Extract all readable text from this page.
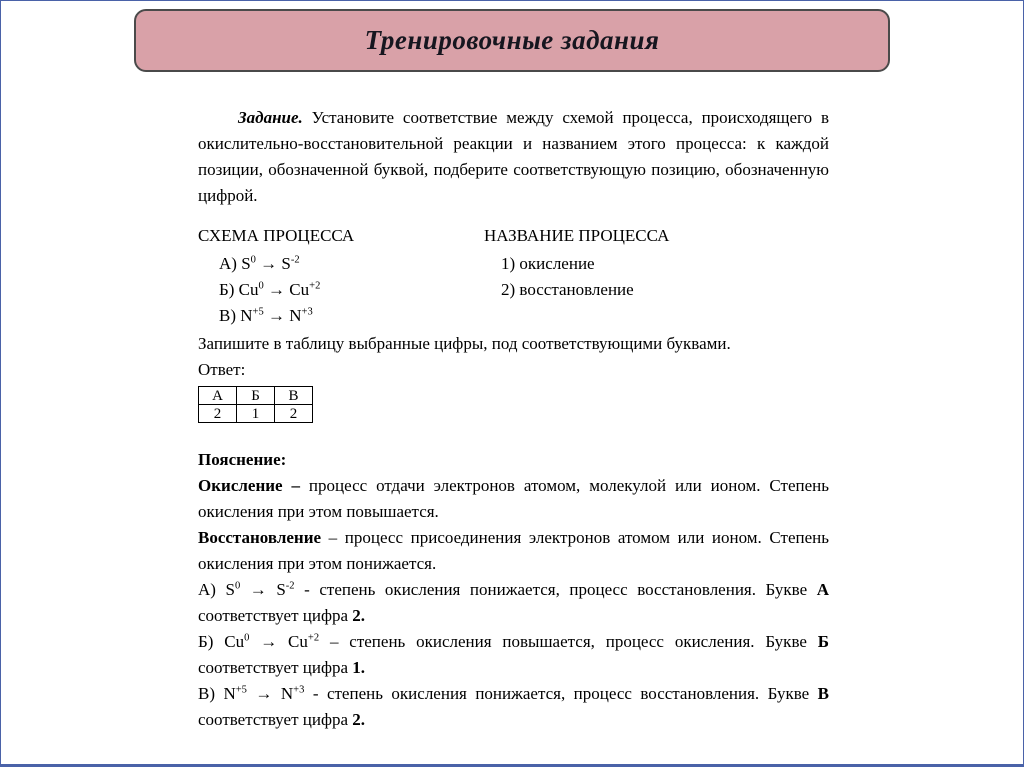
Тренировочные задания

Задание. Установите соответствие между схемой процесса, происходящего в окислительно-восстановительной реакции и названием этого процесса: к каждой позиции, обозначенной буквой, подберите соответствующую позицию, обозначенную цифрой.

СХЕМА ПРОЦЕССА	НАЗВАНИЕ ПРОЦЕССА
А) $S^0 \to S^{-2}$
Б) $Cu^0 \to Cu^{+2}$
В) $N^{+5} \to N^{+3}$
1) окисление
2) восстановление

Запишите в таблицу выбранные цифры, под соответствующими буквами.

Ответ:

А	Б	В
2	1	2

Пояснение:

Окисление – процесс отдачи электронов атомом, молекулой или ионом. Степень окисления при этом повышается.

Восстановление – процесс присоединения электронов атомом или ионом. Степень окисления при этом понижается.

А) $S^0 \to S^{-2}$ - степень окисления понижается, процесс восстановления. Букве А соответствует цифра 2.

Б) $Cu^0 \to Cu^{+2}$ – степень окисления повышается, процесс окисления. Букве Б соответствует цифра 1.

В) $N^{+5} \to N^{+3}$ - степень окисления понижается, процесс восстановления. Букве В соответствует цифра 2.
